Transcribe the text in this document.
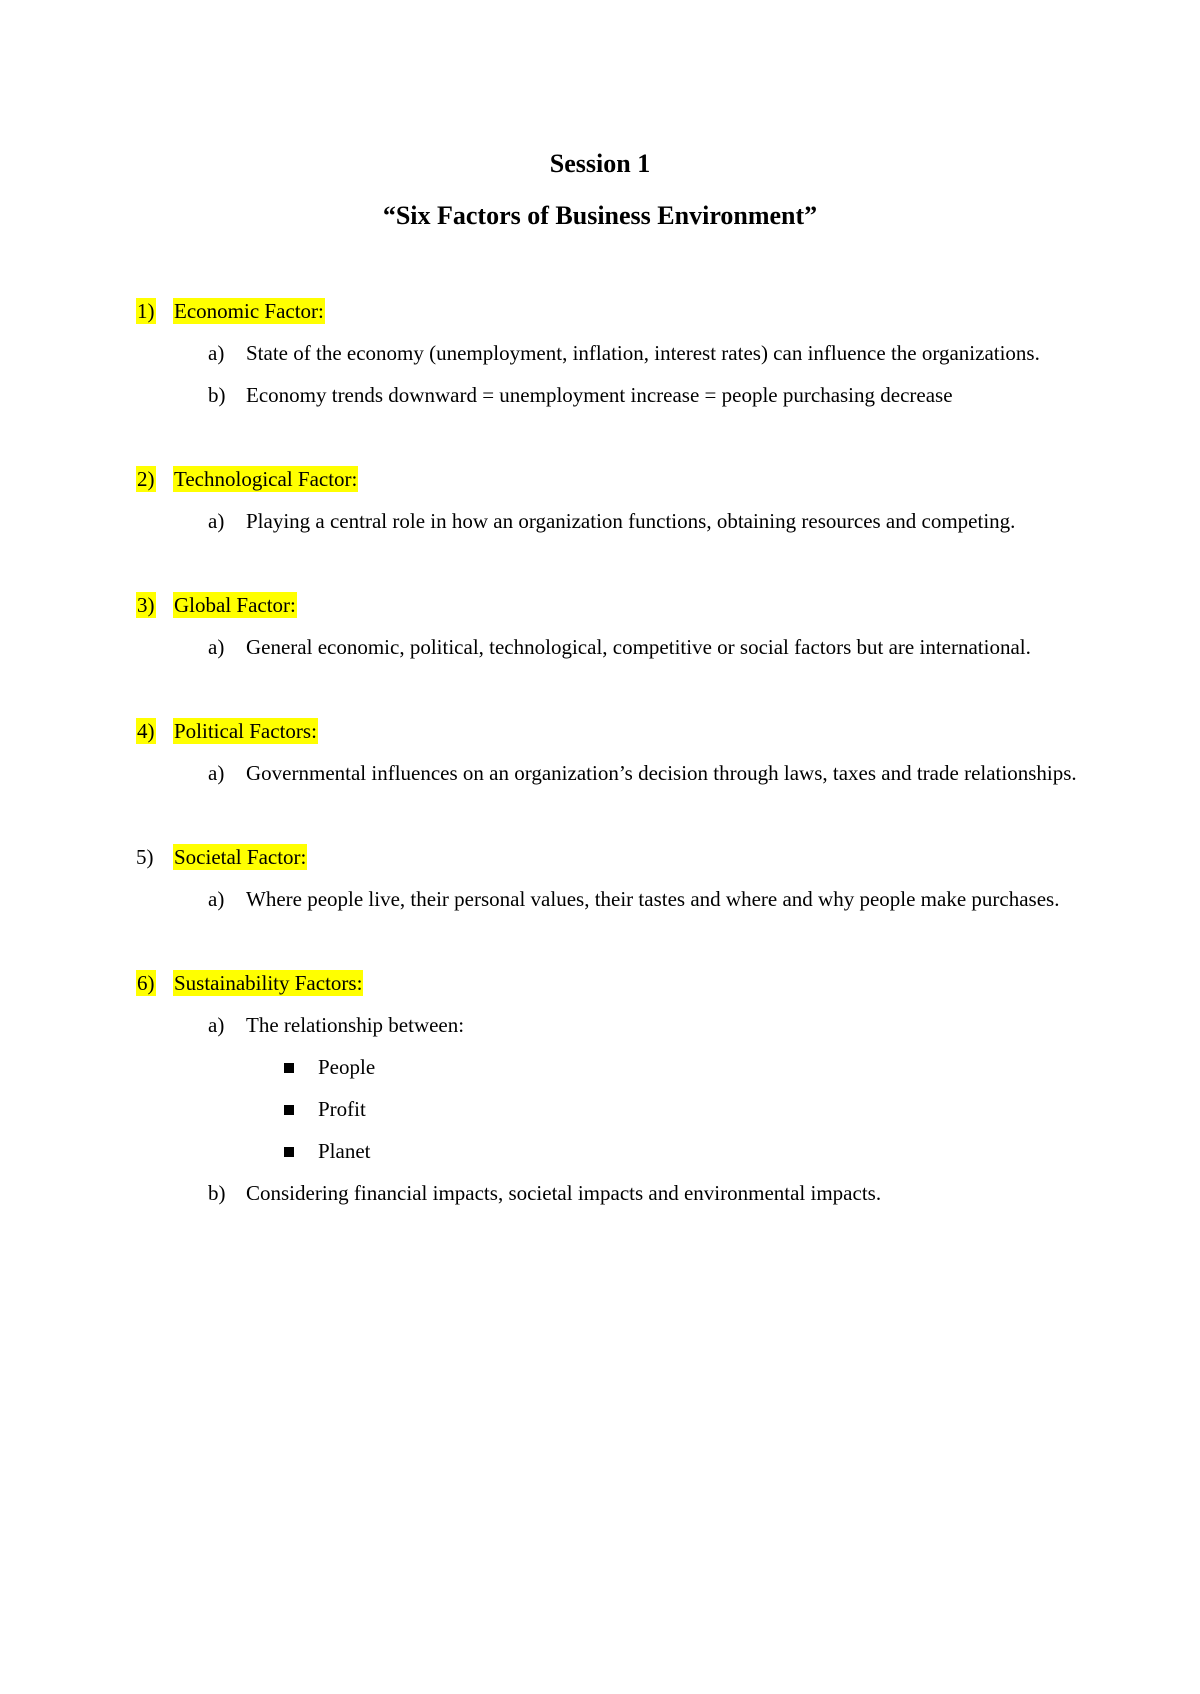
Session 1
“Six Factors of Business Environment”
1) Economic Factor:
a) State of the economy (unemployment, inflation, interest rates) can influence the organizations.
b) Economy trends downward = unemployment increase = people purchasing decrease
2) Technological Factor:
a) Playing a central role in how an organization functions, obtaining resources and competing.
3) Global Factor:
a) General economic, political, technological, competitive or social factors but are international.
4) Political Factors:
a) Governmental influences on an organization’s decision through laws, taxes and trade relationships.
5) Societal Factor:
a) Where people live, their personal values, their tastes and where and why people make purchases.
6) Sustainability Factors:
a) The relationship between:
People
Profit
Planet
b) Considering financial impacts, societal impacts and environmental impacts.
